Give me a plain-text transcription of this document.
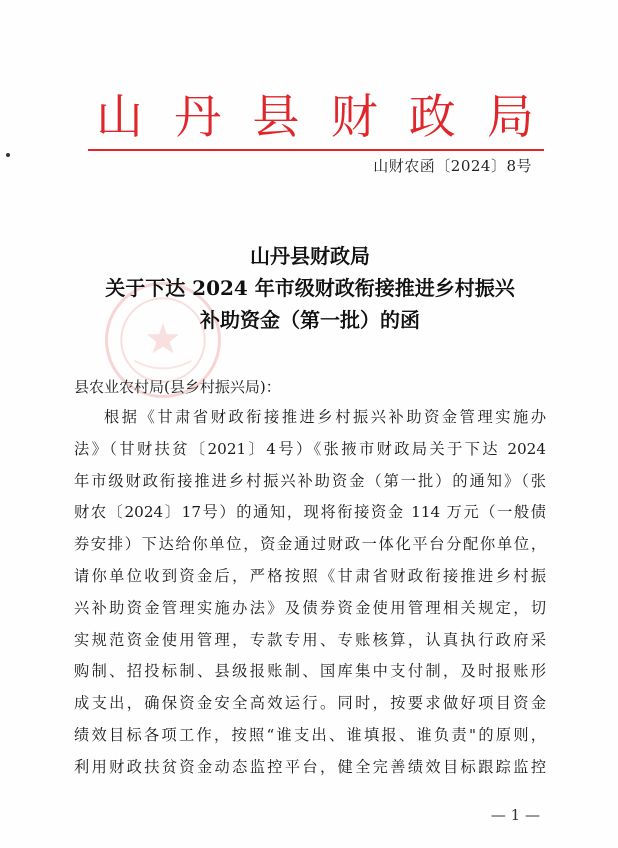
山丹县财政局
山财农函〔2024〕8号
山丹县财政局
关于下达 2024 年市级财政衔接推进乡村振兴
补助资金（第一批）的函
县农业农村局(县乡村振兴局)：
根据《甘肃省财政衔接推进乡村振兴补助资金管理实施办
法》（甘财扶贫〔2021〕4号）《张掖市财政局关于下达 2024
年市级财政衔接推进乡村振兴补助资金（第一批）的通知》（张
财农〔2024〕17号）的通知，现将衔接资金 114 万元（一般债
券安排）下达给你单位，资金通过财政一体化平台分配你单位，
请你单位收到资金后，严格按照《甘肃省财政衔接推进乡村振
兴补助资金管理实施办法》及债券资金使用管理相关规定，切
实规范资金使用管理，专款专用、专账核算，认真执行政府采
购制、招投标制、县级报账制、国库集中支付制，及时报账形
成支出，确保资金安全高效运行。同时，按要求做好项目资金
绩效目标各项工作，按照“谁支出、谁填报、谁负责"的原则，
利用财政扶贫资金动态监控平台，健全完善绩效目标跟踪监控
— 1 —
